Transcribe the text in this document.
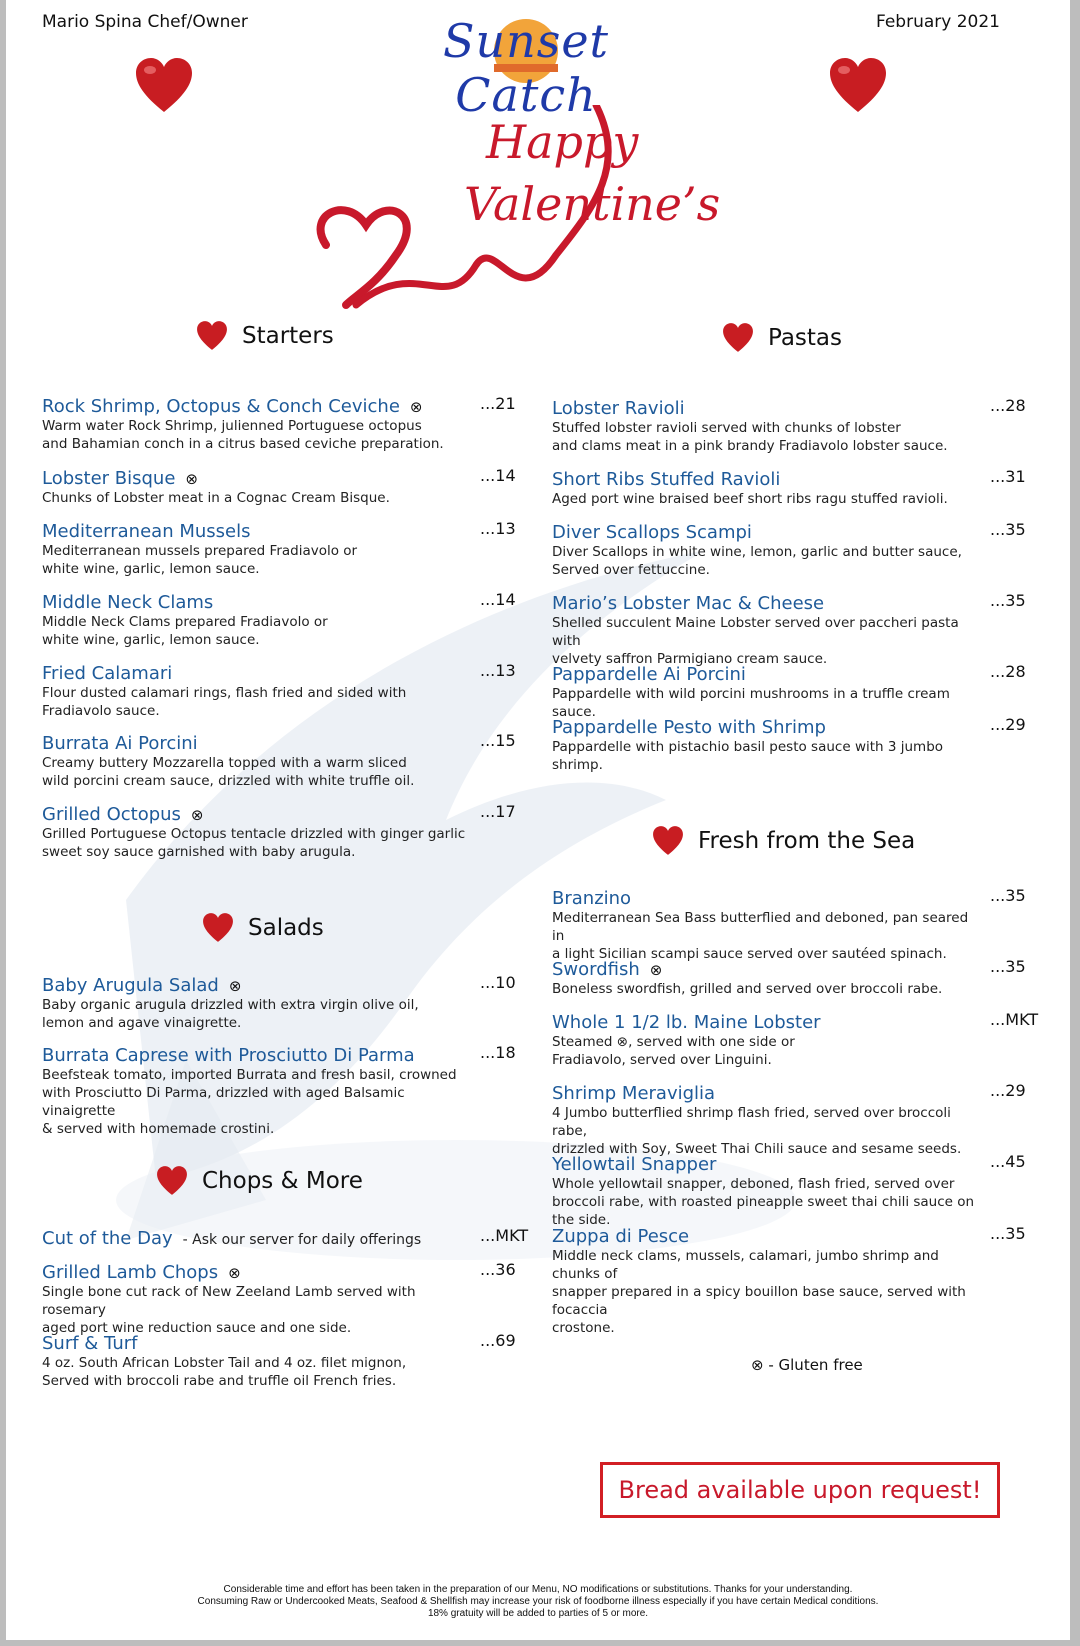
Mario Spina Chef/Owner	February 2021
Sunset Catch
Happy
Valentine’s
Starters
Rock Shrimp, Octopus & Conch Ceviche ⊗
Warm water Rock Shrimp, julienned Portuguese octopus
and Bahamian conch in a citrus based ceviche preparation.
...21
Lobster Bisque ⊗
Chunks of Lobster meat in a Cognac Cream Bisque.
...14
Mediterranean Mussels
Mediterranean mussels prepared Fradiavolo or
white wine, garlic, lemon sauce.
...13
Middle Neck Clams
Middle Neck Clams prepared Fradiavolo or
white wine, garlic, lemon sauce.
...14
Fried Calamari
Flour dusted calamari rings, flash fried and sided with
Fradiavolo sauce.
...13
Burrata Ai Porcini
Creamy buttery Mozzarella topped with a warm sliced
wild porcini cream sauce, drizzled with white truffle oil.
...15
Grilled Octopus ⊗
Grilled Portuguese Octopus tentacle drizzled with ginger garlic
sweet soy sauce garnished with baby arugula.
...17
Salads
Baby Arugula Salad ⊗
Baby organic arugula drizzled with extra virgin olive oil,
lemon and agave vinaigrette.
...10
Burrata Caprese with Prosciutto Di Parma
Beefsteak tomato, imported Burrata and fresh basil, crowned
with Prosciutto Di Parma, drizzled with aged Balsamic vinaigrette
& served with homemade crostini.
...18
Chops & More
Cut of the Day - Ask our server for daily offerings	...MKT
Grilled Lamb Chops ⊗
Single bone cut rack of New Zeeland Lamb served with rosemary
aged port wine reduction sauce and one side.
...36
Surf & Turf
4 oz. South African Lobster Tail and 4 oz. filet mignon,
Served with broccoli rabe and truffle oil French fries.
...69
Pastas
Lobster Ravioli
Stuffed lobster ravioli served with chunks of lobster
and clams meat in a pink brandy Fradiavolo lobster sauce.
...28
Short Ribs Stuffed Ravioli
Aged port wine braised beef short ribs ragu stuffed ravioli.
...31
Diver Scallops Scampi
Diver Scallops in white wine, lemon, garlic and butter sauce,
Served over fettuccine.
...35
Mario’s Lobster Mac & Cheese
Shelled succulent Maine Lobster served over paccheri pasta with
velvety saffron Parmigiano cream sauce.
...35
Pappardelle Ai Porcini
Pappardelle with wild porcini mushrooms in a truffle cream sauce.
...28
Pappardelle Pesto with Shrimp
Pappardelle with pistachio basil pesto sauce with 3 jumbo shrimp.
...29
Fresh from the Sea
Branzino
Mediterranean Sea Bass butterflied and deboned, pan seared in
a light Sicilian scampi sauce served over sautéed spinach.
...35
Swordfish ⊗
Boneless swordfish, grilled and served over broccoli rabe.
...35
Whole 1 1/2 lb. Maine Lobster
Steamed ⊗, served with one side or
Fradiavolo, served over Linguini.
...MKT
Shrimp Meraviglia
4 Jumbo butterflied shrimp flash fried, served over broccoli rabe,
drizzled with Soy, Sweet Thai Chili sauce and sesame seeds.
...29
Yellowtail Snapper
Whole yellowtail snapper, deboned, flash fried, served over
broccoli rabe, with roasted pineapple sweet thai chili sauce on the side.
...45
Zuppa di Pesce
Middle neck clams, mussels, calamari, jumbo shrimp and chunks of
snapper prepared in a spicy bouillon base sauce, served with focaccia
crostone.
...35
⊗ - Gluten free
Bread available upon request!
Considerable time and effort has been taken in the preparation of our Menu, NO modifications or substitutions. Thanks for your understanding.
Consuming Raw or Undercooked Meats, Seafood & Shellfish may increase your risk of foodborne illness especially if you have certain Medical conditions.
18% gratuity will be added to parties of 5 or more.
